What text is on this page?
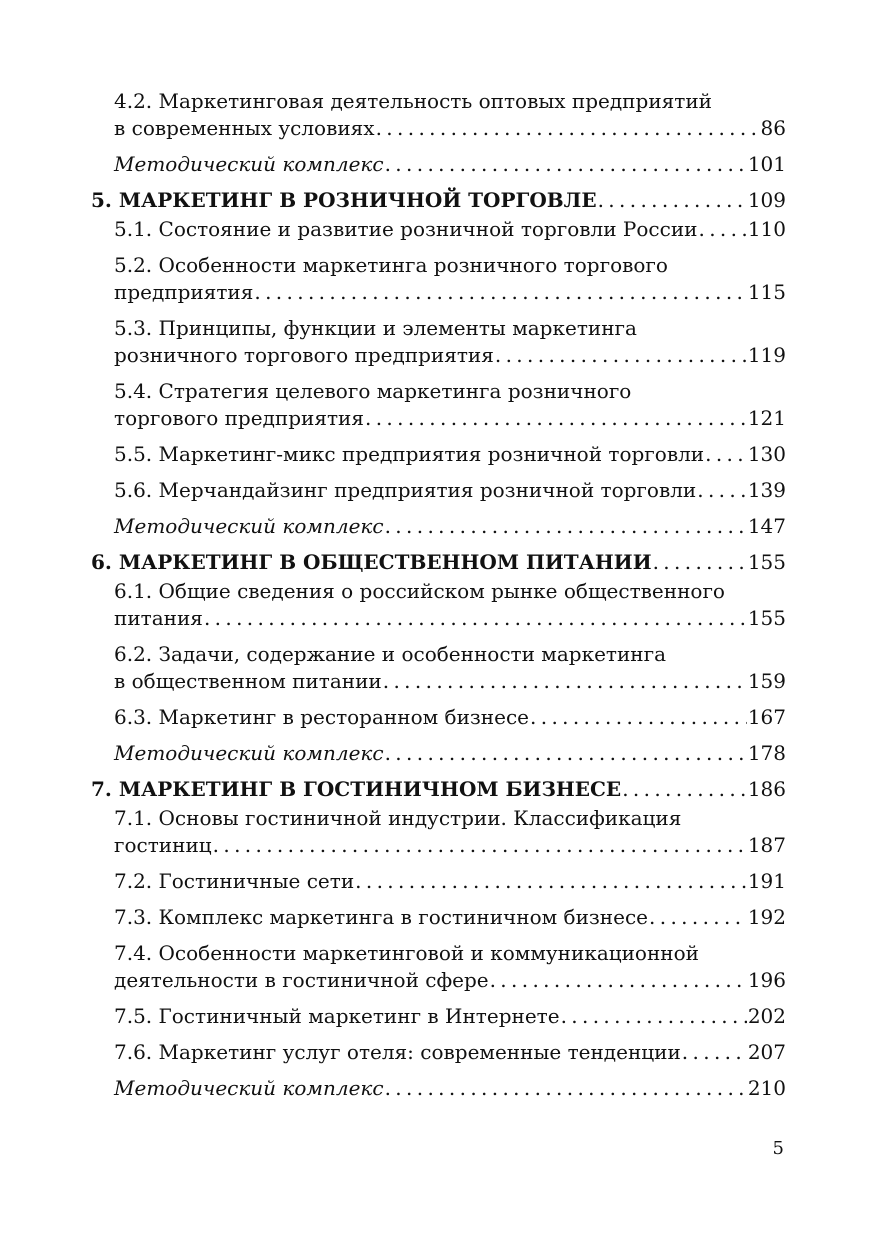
4.2. Маркетинговая деятельность оптовых предприятий
в современных условиях . . .	86
Методический комплекс . . .	101
5. МАРКЕТИНГ В РОЗНИЧНОЙ ТОРГОВЛЕ . . .	109
5.1. Состояние и развитие розничной торговли России . . .	110
5.2. Особенности маркетинга розничного торгового
предприятия . . .	115
5.3. Принципы, функции и элементы маркетинга
розничного торгового предприятия . . .	119
5.4. Стратегия целевого маркетинга розничного
торгового предприятия . . .	121
5.5. Маркетинг-микс предприятия розничной торговли . . . 130
5.6. Мерчандайзинг предприятия розничной торговли . . .	139
Методический комплекс . . .	147
6. МАРКЕТИНГ В ОБЩЕСТВЕННОМ ПИТАНИИ . . .	155
6.1. Общие сведения о российском рынке общественного
питания . . .	155
6.2. Задачи, содержание и особенности маркетинга
в общественном питании . . .	159
6.3. Маркетинг в ресторанном бизнесе . . .	167
Методический комплекс . . .	178
7. МАРКЕТИНГ В ГОСТИНИЧНОМ БИЗНЕСЕ . . .	186
7.1. Основы гостиничной индустрии. Классификация
гостиниц . . .	187
7.2. Гостиничные сети . . .	191
7.3. Комплекс маркетинга в гостиничном бизнесе . . .	192
7.4. Особенности маркетинговой и коммуникационной
деятельности в гостиничной сфере . . .	196
7.5. Гостиничный маркетинг в Интернете . . .	202
7.6. Маркетинг услуг отеля: современные тенденции . . .	207
Методический комплекс . . .	210
5
